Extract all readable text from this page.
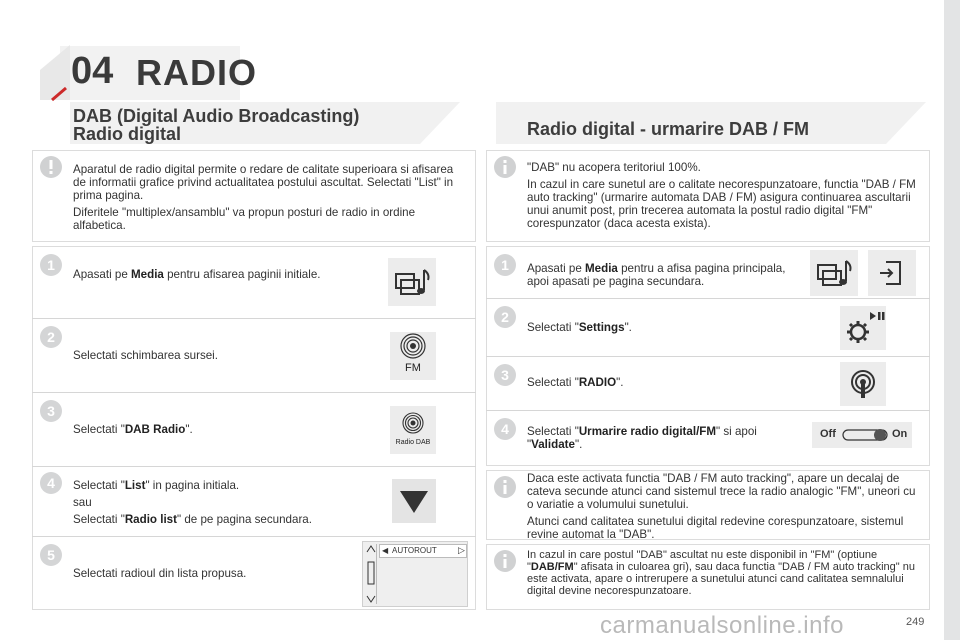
04 RADIO
DAB (Digital Audio Broadcasting)
Radio digital

Aparatul de radio digital permite o redare de calitate superioara si afisarea de informatii grafice privind actualitatea postului ascultat. Selectati "List" in prima pagina.

Diferitele "multiplex/ansamblu" va propun posturi de radio in ordine alfabetica.

1
Apasati pe Media pentru afisarea paginii initiale.
2
Selectati schimbarea sursei.
FM
3
Selectati "DAB Radio".
Radio DAB
4	Selectati "List" in pagina initiala.

sau

Selectati "Radio list" de pe pagina secundara.

5
Selectati radioul din lista propusa.
◀ AUTOROUT ▷
Radio digital - urmarire DAB / FM

"DAB" nu acopera teritoriul 100%.

In cazul in care sunetul are o calitate necorespunzatoare, functia "DAB / FM auto tracking" (urmarire automata DAB / FM) asigura continuarea ascultarii unui anumit post, prin trecerea automata la postul radio digital "FM" corespunzator (daca acesta exista).

1	Apasati pe Media pentru a afisa pagina principala, apoi apasati pe pagina secundara.
2
Selectati "Settings".
3	Selectati "RADIO".
4	Selectati "Urmarire radio digital/FM" si apoi "Validate".
Off	On

Daca este activata functia "DAB / FM auto tracking", apare un decalaj de cateva secunde atunci cand sistemul trece la radio analogic "FM", uneori cu o variatie a volumului sunetului.

Atunci cand calitatea sunetului digital redevine corespunzatoare, sistemul revine automat la "DAB".

In cazul in care postul "DAB" ascultat nu este disponibil in "FM" (optiune "DAB/FM" afisata in culoarea gri), sau daca functia "DAB / FM auto tracking" nu este activata, apare o intrerupere a sunetului atunci cand calitatea semnalului digital devine necorespunzatoare.
carmanualsonline.info	249
